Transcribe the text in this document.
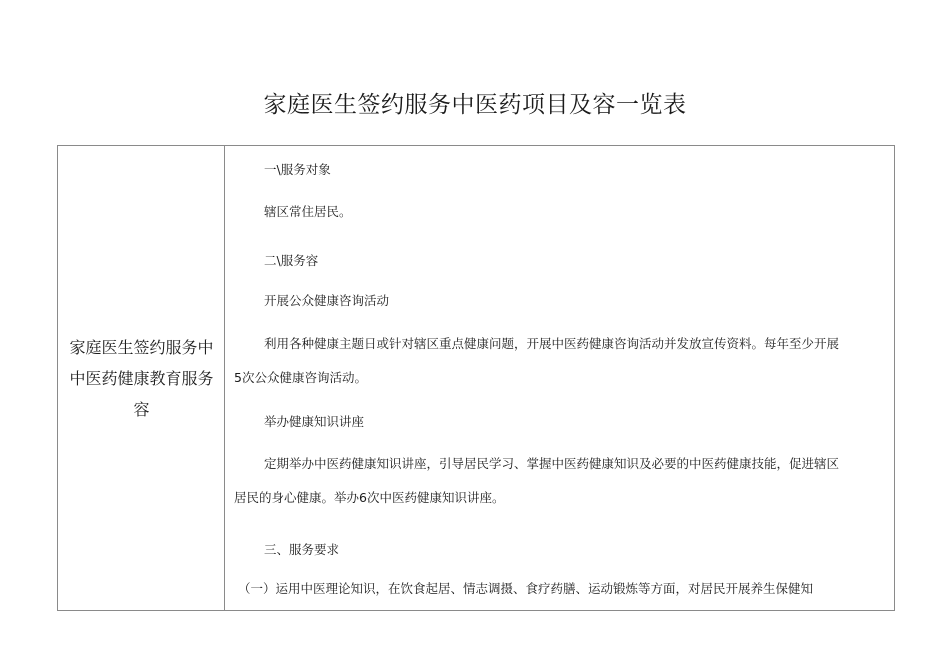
家庭医生签约服务中医药项目及容一览表
家庭医生签约服务中
中医药健康教育服务
容
一\服务对象
辖区常住居民。
二\服务容
开展公众健康咨询活动
利用各种健康主题日或针对辖区重点健康问题，开展中医药健康咨询活动并发放宣传资料。每年至少开展
5次公众健康咨询活动。
举办健康知识讲座
定期举办中医药健康知识讲座，引导居民学习、掌握中医药健康知识及必要的中医药健康技能，促进辖区
居民的身心健康。举办6次中医药健康知识讲座。
三、服务要求
（一）运用中医理论知识，在饮食起居、情志调摄、食疗药膳、运动锻炼等方面，对居民开展养生保健知
